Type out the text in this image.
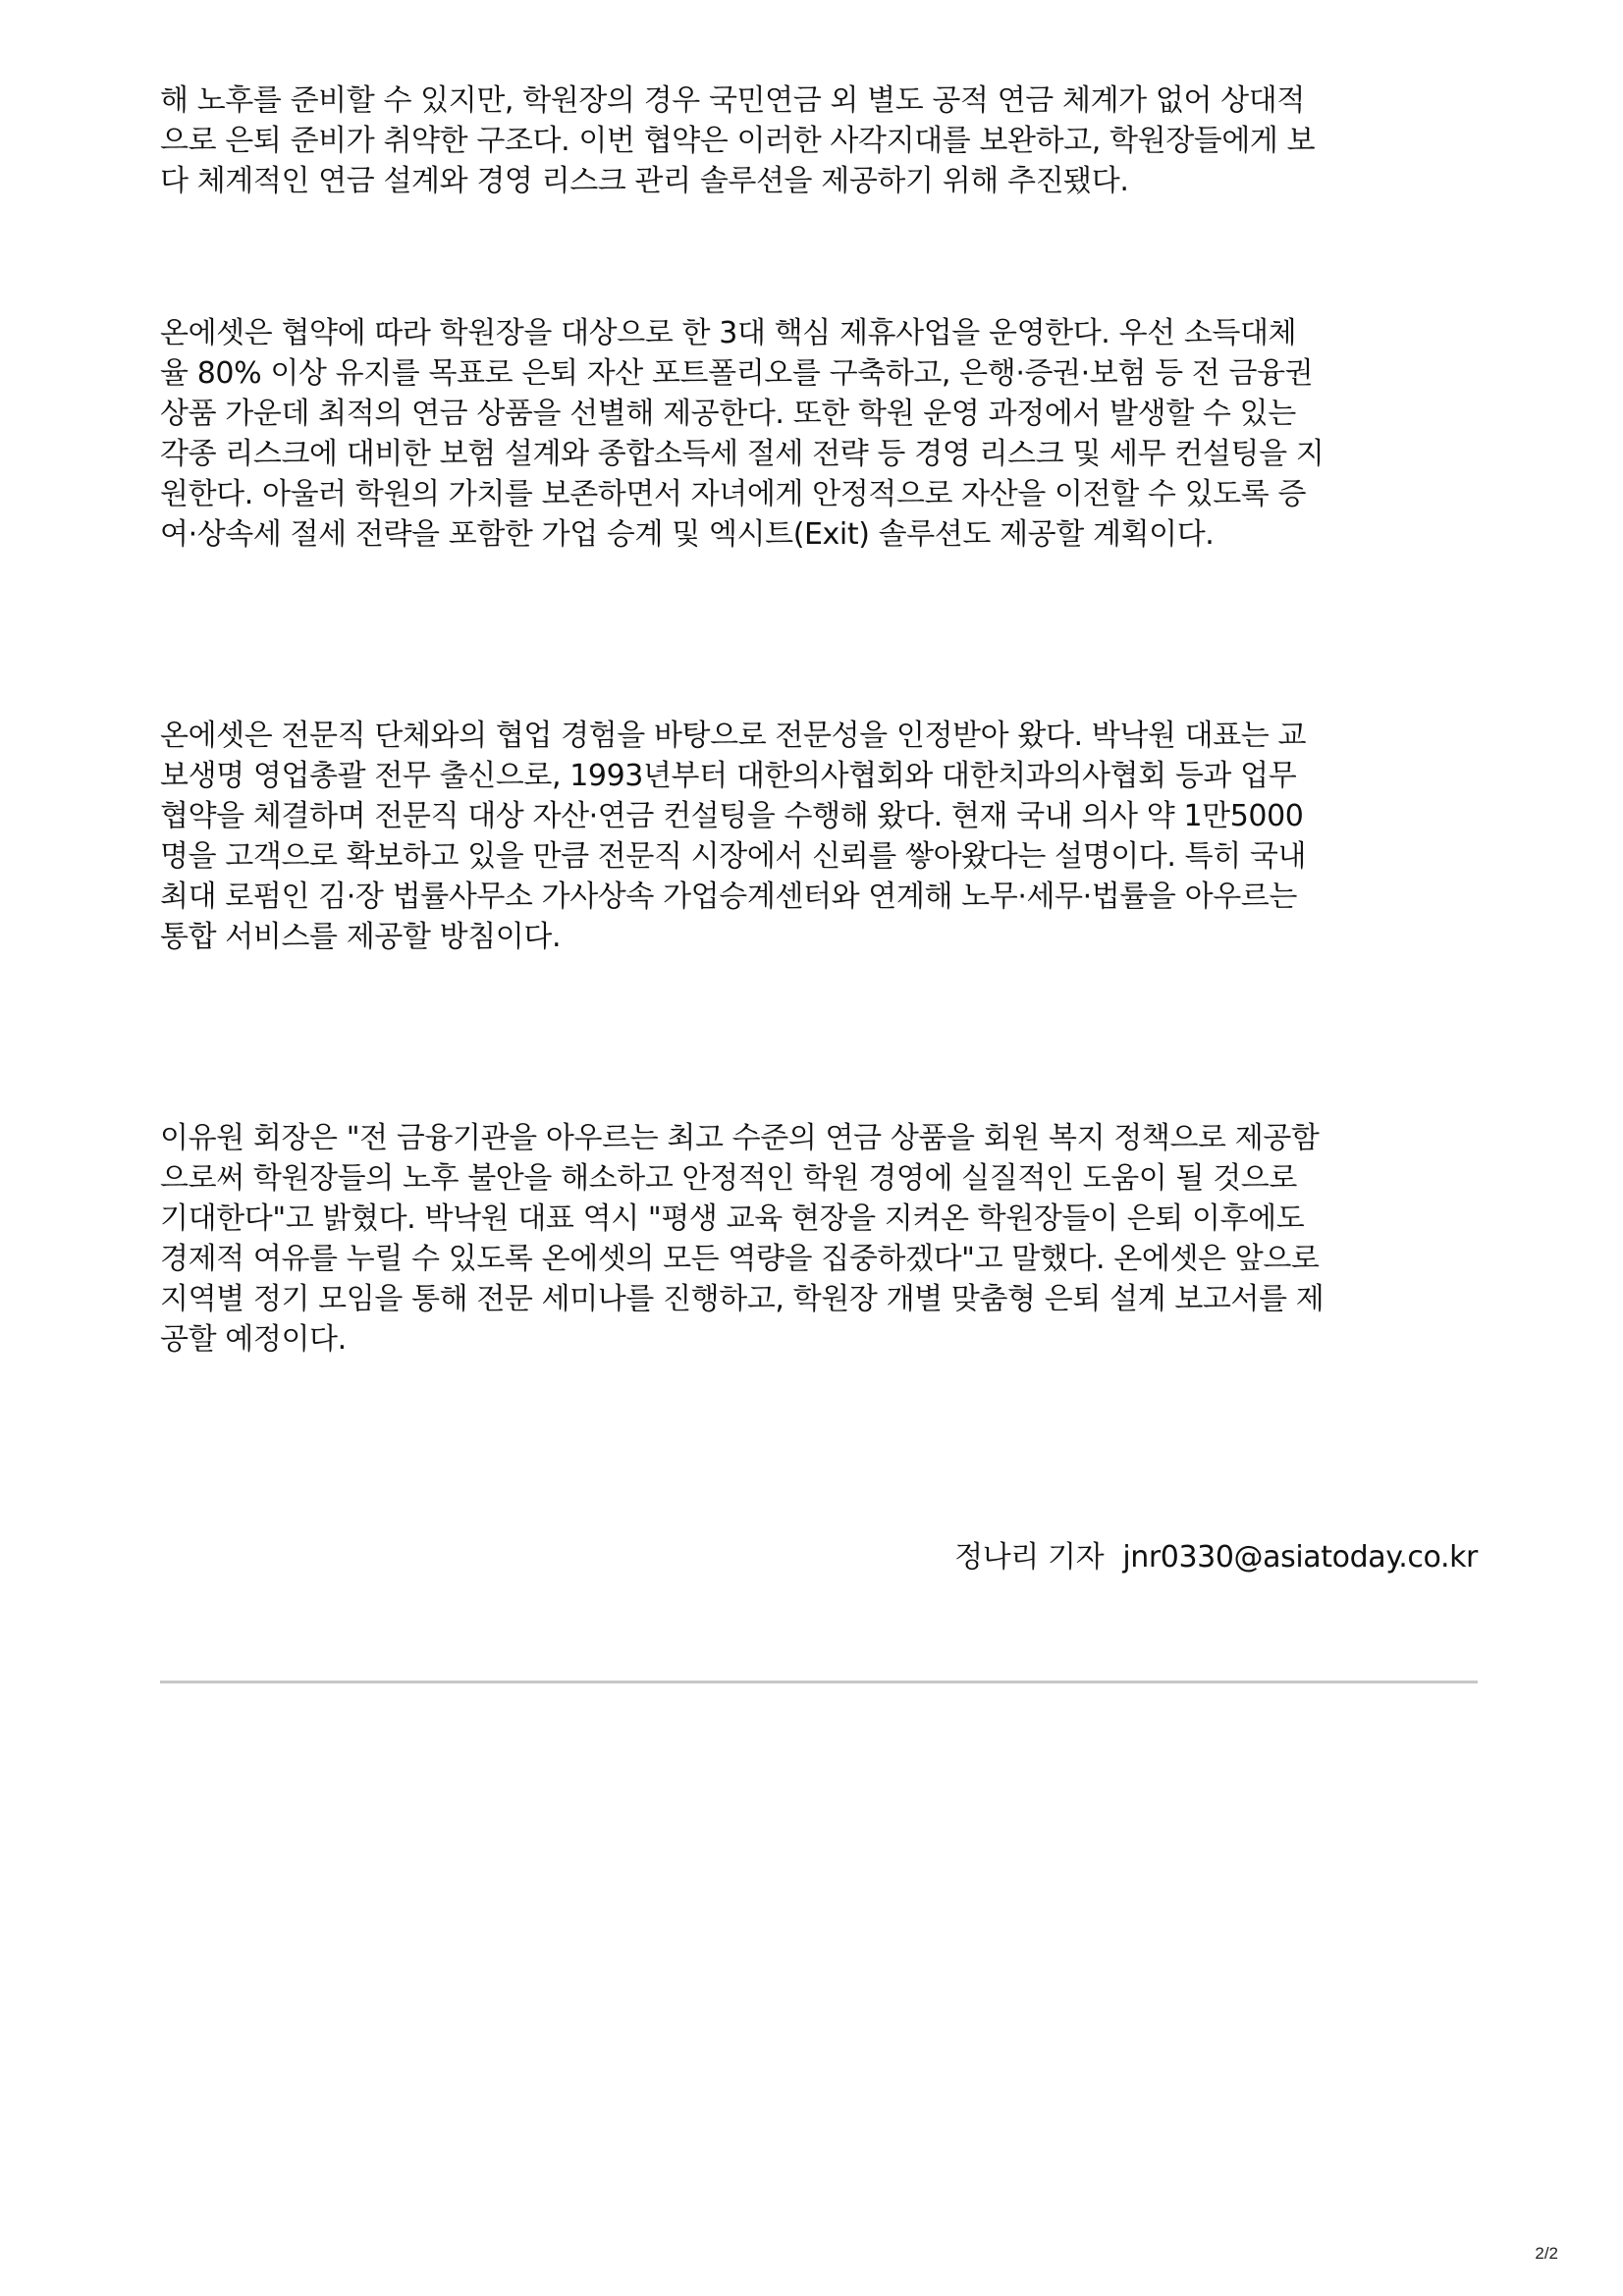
해 노후를 준비할 수 있지만, 학원장의 경우 국민연금 외 별도 공적 연금 체계가 없어 상대적
으로 은퇴 준비가 취약한 구조다. 이번 협약은 이러한 사각지대를 보완하고, 학원장들에게 보
다 체계적인 연금 설계와 경영 리스크 관리 솔루션을 제공하기 위해 추진됐다.

온에셋은 협약에 따라 학원장을 대상으로 한 3대 핵심 제휴사업을 운영한다. 우선 소득대체
율 80% 이상 유지를 목표로 은퇴 자산 포트폴리오를 구축하고, 은행·증권·보험 등 전 금융권
상품 가운데 최적의 연금 상품을 선별해 제공한다. 또한 학원 운영 과정에서 발생할 수 있는
각종 리스크에 대비한 보험 설계와 종합소득세 절세 전략 등 경영 리스크 및 세무 컨설팅을 지
원한다. 아울러 학원의 가치를 보존하면서 자녀에게 안정적으로 자산을 이전할 수 있도록 증
여·상속세 절세 전략을 포함한 가업 승계 및 엑시트(Exit) 솔루션도 제공할 계획이다.

온에셋은 전문직 단체와의 협업 경험을 바탕으로 전문성을 인정받아 왔다. 박낙원 대표는 교
보생명 영업총괄 전무 출신으로, 1993년부터 대한의사협회와 대한치과의사협회 등과 업무
협약을 체결하며 전문직 대상 자산·연금 컨설팅을 수행해 왔다. 현재 국내 의사 약 1만5000
명을 고객으로 확보하고 있을 만큼 전문직 시장에서 신뢰를 쌓아왔다는 설명이다. 특히 국내
최대 로펌인 김·장 법률사무소 가사상속 가업승계센터와 연계해 노무·세무·법률을 아우르는
통합 서비스를 제공할 방침이다.

이유원 회장은 "전 금융기관을 아우르는 최고 수준의 연금 상품을 회원 복지 정책으로 제공함
으로써 학원장들의 노후 불안을 해소하고 안정적인 학원 경영에 실질적인 도움이 될 것으로
기대한다"고 밝혔다. 박낙원 대표 역시 "평생 교육 현장을 지켜온 학원장들이 은퇴 이후에도
경제적 여유를 누릴 수 있도록 온에셋의 모든 역량을 집중하겠다"고 말했다. 온에셋은 앞으로
지역별 정기 모임을 통해 전문 세미나를 진행하고, 학원장 개별 맞춤형 은퇴 설계 보고서를 제
공할 예정이다.

정나리 기자 jnr0330@asiatoday.co.kr
2/2
